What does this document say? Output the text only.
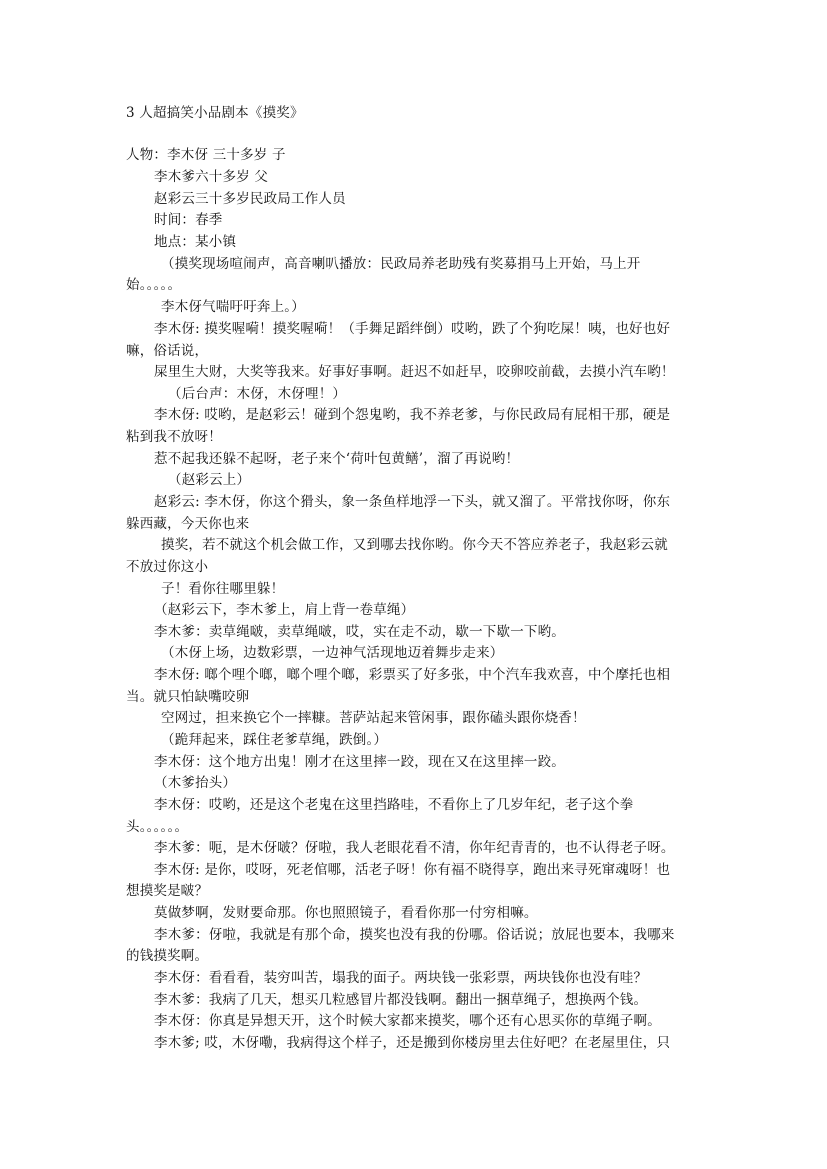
3 人超搞笑小品剧本《摸奖》

人物：李木伢 三十多岁 子

李木爹六十多岁 父

赵彩云三十多岁民政局工作人员

时间：春季

地点：某小镇

（摸奖现场喧闹声，高音喇叭播放：民政局养老助残有奖募捐马上开始，马上开

始。。。。。

李木伢气喘吁吁奔上。）

李木伢: 摸奖喔嗬！摸奖喔嗬！（手舞足蹈绊倒）哎哟，跌了个狗吃屎！咦，也好也好

嘛，俗话说，

屎里生大财，大奖等我来。好事好事啊。赶迟不如赶早，咬卵咬前截，去摸小汽车哟！

（后台声：木伢，木伢哩！）

李木伢: 哎哟，是赵彩云！碰到个怨鬼哟，我不养老爹，与你民政局有屁相干那，硬是

粘到我不放呀！

惹不起我还躲不起呀，老子来个‘荷叶包黄鳝’，溜了再说哟！

（赵彩云上）

赵彩云: 李木伢，你这个猾头，象一条鱼样地浮一下头，就又溜了。平常找你呀，你东

躲西藏，今天你也来

摸奖，若不就这个机会做工作，又到哪去找你哟。你今天不答应养老子，我赵彩云就

不放过你这小

子！看你往哪里躲！

（赵彩云下，李木爹上，肩上背一卷草绳）

李木爹：卖草绳啵，卖草绳啵，哎，实在走不动，歇一下歇一下哟。

（木伢上场，边数彩票，一边神气活现地迈着舞步走来）

李木伢: 啷个哩个啷，啷个哩个啷，彩票买了好多张，中个汽车我欢喜，中个摩托也相

当。就只怕缺嘴咬卵

空网过，担来换它个一摔糠。菩萨站起来管闲事，跟你磕头跟你烧香！

（跪拜起来，踩住老爹草绳，跌倒。）

李木伢：这个地方出鬼！刚才在这里摔一跤，现在又在这里摔一跤。

（木爹抬头）

李木伢：哎哟，还是这个老鬼在这里挡路哇，不看你上了几岁年纪，老子这个拳

头。。。。。。

李木爹：呃，是木伢啵？伢啦，我人老眼花看不清，你年纪青青的，也不认得老子呀。

李木伢: 是你，哎呀，死老倌哪，活老子呀！你有福不晓得享，跑出来寻死窜魂呀！也

想摸奖是啵？

莫做梦啊，发财要命那。你也照照镜子，看看你那一付穷相嘛。

李木爹：伢啦，我就是有那个命，摸奖也没有我的份哪。俗话说；放屁也要本，我哪来

的钱摸奖啊。

李木伢：看看看，装穷叫苦，塌我的面子。两块钱一张彩票，两块钱你也没有哇？

李木爹：我病了几天，想买几粒感冒片都没钱啊。翻出一捆草绳子，想换两个钱。

李木伢：你真是异想天开，这个时候大家都来摸奖，哪个还有心思买你的草绳子啊。

李木爹; 哎，木伢嘞，我病得这个样子，还是搬到你楼房里去住好吧？在老屋里住，只
